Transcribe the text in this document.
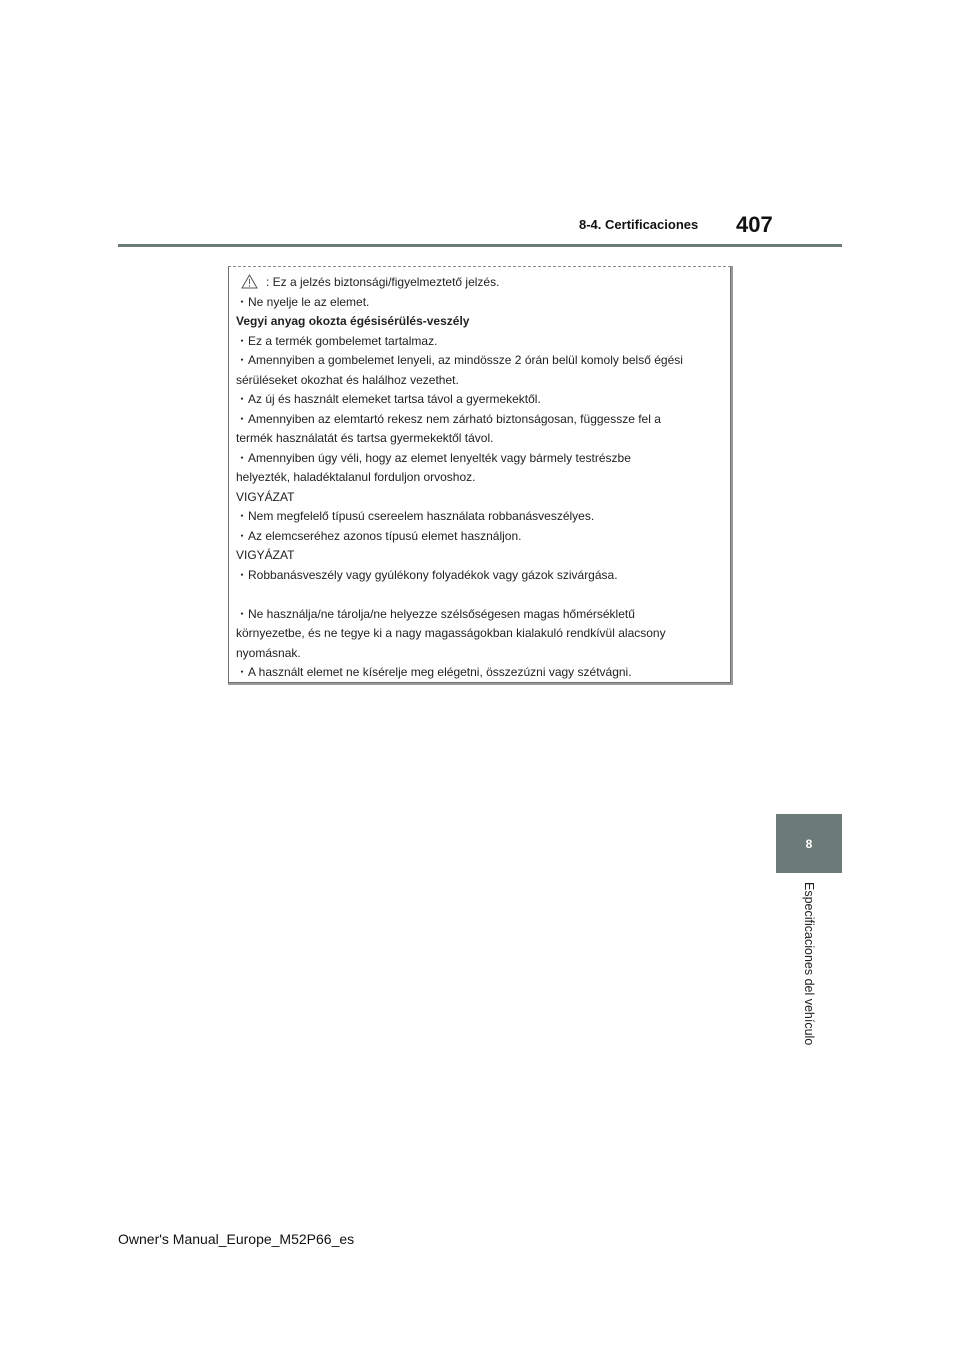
8-4. Certificaciones 407
: Ez a jelzés biztonsági/figyelmeztető jelzés.
・Ne nyelje le az elemet.
Vegyi anyag okozta égésisérülés-veszély
・Ez a termék gombelemet tartalmaz.
・Amennyiben a gombelemet lenyeli, az mindössze 2 órán belül komoly belső égési
sérüléseket okozhat és halálhoz vezethet.
・Az új és használt elemeket tartsa távol a gyermekektől.
・Amennyiben az elemtartó rekesz nem zárható biztonságosan, függessze fel a
termék használatát és tartsa gyermekektől távol.
・Amennyiben úgy véli, hogy az elemet lenyelték vagy bármely testrészbe
helyezték, haladéktalanul forduljon orvoshoz.
VIGYÁZAT
・Nem megfelelő típusú csereelem használata robbanásveszélyes.
・Az elemcseréhez azonos típusú elemet használjon.
VIGYÁZAT
・Robbanásveszély vagy gyúlékony folyadékok vagy gázok szivárgása.
・Ne használja/ne tárolja/ne helyezze szélsőségesen magas hőmérsékletű
környezetbe, és ne tegye ki a nagy magasságokban kialakuló rendkívül alacsony
nyomásnak.
・A használt elemet ne kísérelje meg elégetni, összezúzni vagy szétvágni.
8
Especificaciones del vehículo
Owner's Manual_Europe_M52P66_es
